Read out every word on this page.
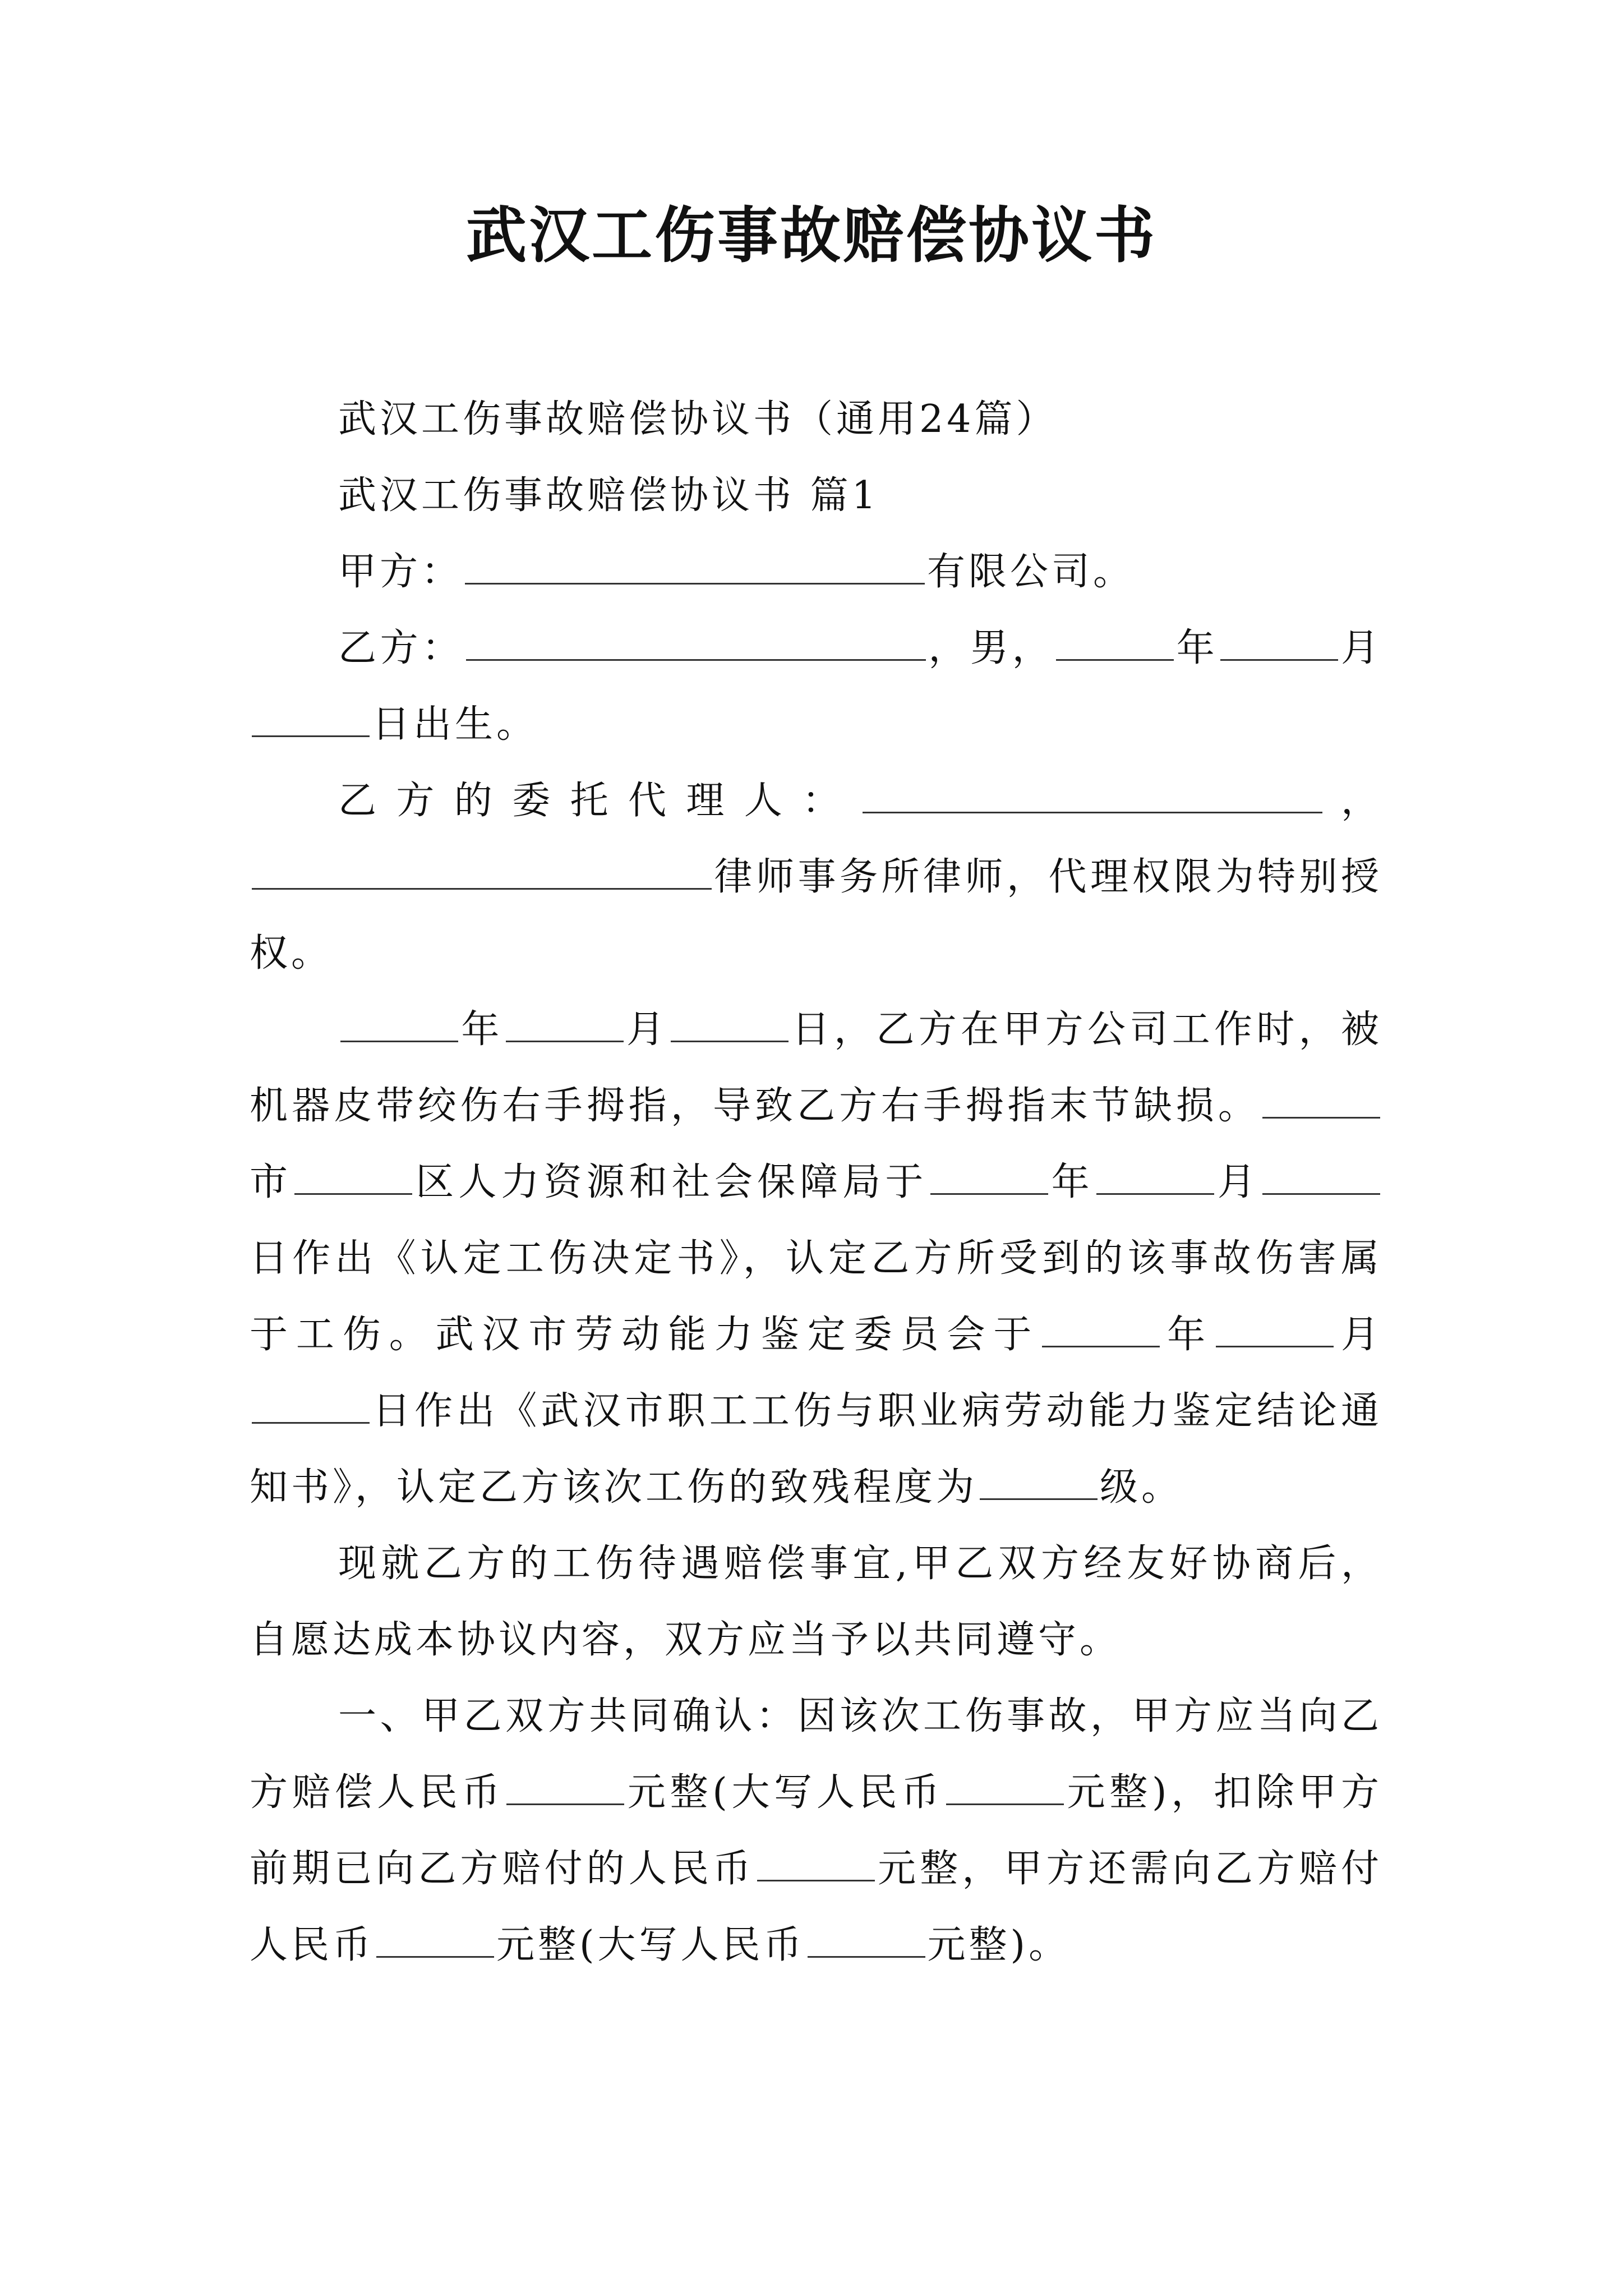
武汉工伤事故赔偿协议书

武汉工伤事故赔偿协议书（通用24篇）

武汉工伤事故赔偿协议书 篇1

甲方：	有限公司。

乙方：	，男，	年	月日出生。

乙方的委托代理人：	，律师事务所律师，代理权限为特别授权。

年	月	日，乙方在甲方公司工作时，被机器皮带绞伤右手拇指，导致乙方右手拇指末节缺损。市	区人力资源和社会保障局于	年	月日作出《认定工伤决定书》，认定乙方所受到的该事故伤害属于工伤。武汉市劳动能力鉴定委员会于	年	月日作出《武汉市职工工伤与职业病劳动能力鉴定结论通知书》，认定乙方该次工伤的致残程度为	级。

现就乙方的工伤待遇赔偿事宜,甲乙双方经友好协商后，自愿达成本协议内容，双方应当予以共同遵守。

一、甲乙双方共同确认：因该次工伤事故，甲方应当向乙方赔偿人民币	元整(大写人民币	元整)，扣除甲方前期已向乙方赔付的人民币	元整，甲方还需向乙方赔付人民币	元整(大写人民币	元整)。
